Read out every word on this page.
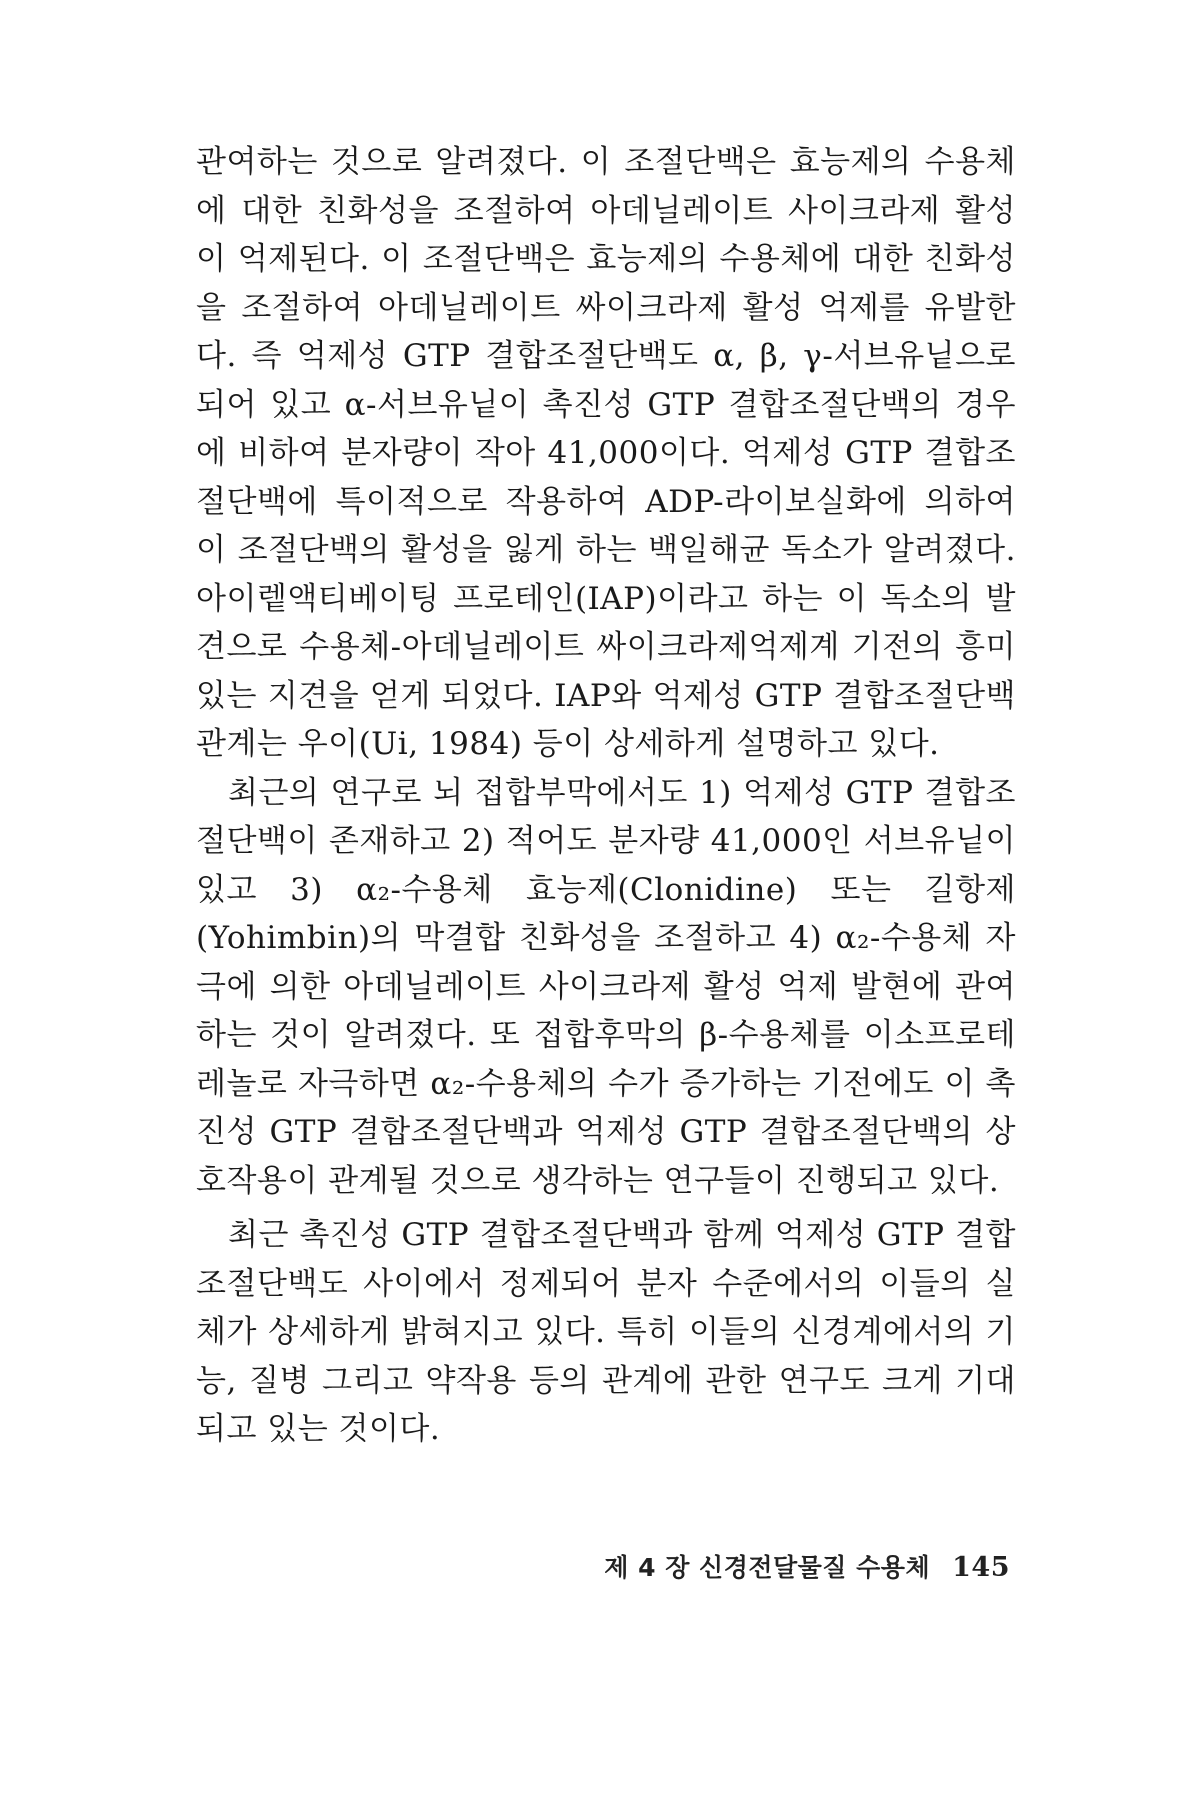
관여하는 것으로 알려졌다. 이 조절단백은 효능제의 수용체에 대한 친화성을 조절하여 아데닐레이트 사이크라제 활성이 억제된다. 이 조절단백은 효능제의 수용체에 대한 친화성을 조절하여 아데닐레이트 싸이크라제 활성 억제를 유발한다. 즉 억제성 GTP 결합조절단백도 α, β, γ-서브유닡으로 되어 있고 α-서브유닡이 촉진성 GTP 결합조절단백의 경우에 비하여 분자량이 작아 41,000이다. 억제성 GTP 결합조절단백에 특이적으로 작용하여 ADP-라이보실화에 의하여 이 조절단백의 활성을 잃게 하는 백일해균 독소가 알려졌다. 아이렡액티베이팅 프로테인(IAP)이라고 하는 이 독소의 발견으로 수용체-아데닐레이트 싸이크라제억제계 기전의 흥미있는 지견을 얻게 되었다. IAP와 억제성 GTP 결합조절단백 관계는 우이(Ui, 1984) 등이 상세하게 설명하고 있다.

최근의 연구로 뇌 접합부막에서도 1) 억제성 GTP 결합조절단백이 존재하고 2) 적어도 분자량 41,000인 서브유닡이 있고 3) α₂-수용체 효능제(Clonidine) 또는 길항제(Yohimbin)의 막결합 친화성을 조절하고 4) α₂-수용체 자극에 의한 아데닐레이트 사이크라제 활성 억제 발현에 관여하는 것이 알려졌다. 또 접합후막의 β-수용체를 이소프로테레놀로 자극하면 α₂-수용체의 수가 증가하는 기전에도 이 촉진성 GTP 결합조절단백과 억제성 GTP 결합조절단백의 상호작용이 관계될 것으로 생각하는 연구들이 진행되고 있다.

최근 촉진성 GTP 결합조절단백과 함께 억제성 GTP 결합조절단백도 사이에서 정제되어 분자 수준에서의 이들의 실체가 상세하게 밝혀지고 있다. 특히 이들의 신경계에서의 기능, 질병 그리고 약작용 등의 관계에 관한 연구도 크게 기대되고 있는 것이다.

제 4 장 신경전달물질 수용체 145
